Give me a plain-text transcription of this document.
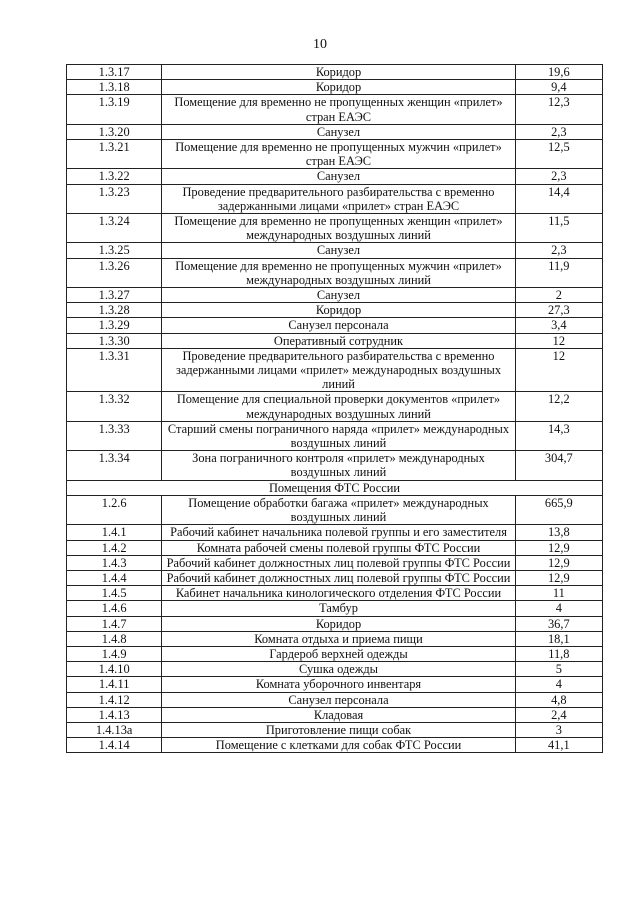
10
1.3.17	Коридор	19,6
1.3.18	Коридор	9,4
1.3.19	Помещение для временно не пропущенных женщин «прилет» стран ЕАЭС	12,3
1.3.20	Санузел	2,3
1.3.21	Помещение для временно не пропущенных мужчин «прилет» стран ЕАЭС	12,5
1.3.22	Санузел	2,3
1.3.23	Проведение предварительного разбирательства с временно задержанными лицами «прилет» стран ЕАЭС	14,4
1.3.24	Помещение для временно не пропущенных женщин «прилет» международных воздушных линий	11,5
1.3.25	Санузел	2,3
1.3.26	Помещение для временно не пропущенных мужчин «прилет» международных воздушных линий	11,9
1.3.27	Санузел	2
1.3.28	Коридор	27,3
1.3.29	Санузел персонала	3,4
1.3.30	Оперативный сотрудник	12
1.3.31	Проведение предварительного разбирательства с временно задержанными лицами «прилет» международных воздушных линий	12
1.3.32	Помещение для специальной проверки документов «прилет» международных воздушных линий	12,2
1.3.33	Старший смены пограничного наряда «прилет» международных воздушных линий	14,3
1.3.34	Зона пограничного контроля «прилет» международных воздушных линий	304,7
Помещения ФТС России		
1.2.6	Помещение обработки багажа «прилет» международных воздушных линий	665,9
1.4.1	Рабочий кабинет начальника полевой группы и его заместителя	13,8
1.4.2	Комната рабочей смены полевой группы ФТС России	12,9
1.4.3	Рабочий кабинет должностных лиц полевой группы ФТС России	12,9
1.4.4	Рабочий кабинет должностных лиц полевой группы ФТС России	12,9
1.4.5	Кабинет начальника кинологического отделения ФТС России	11
1.4.6	Тамбур	4
1.4.7	Коридор	36,7
1.4.8	Комната отдыха и приема пищи	18,1
1.4.9	Гардероб верхней одежды	11,8
1.4.10	Сушка одежды	5
1.4.11	Комната уборочного инвентаря	4
1.4.12	Санузел персонала	4,8
1.4.13	Кладовая	2,4
1.4.13a	Приготовление пищи собак	3
1.4.14	Помещение с клетками для собак ФТС России	41,1
